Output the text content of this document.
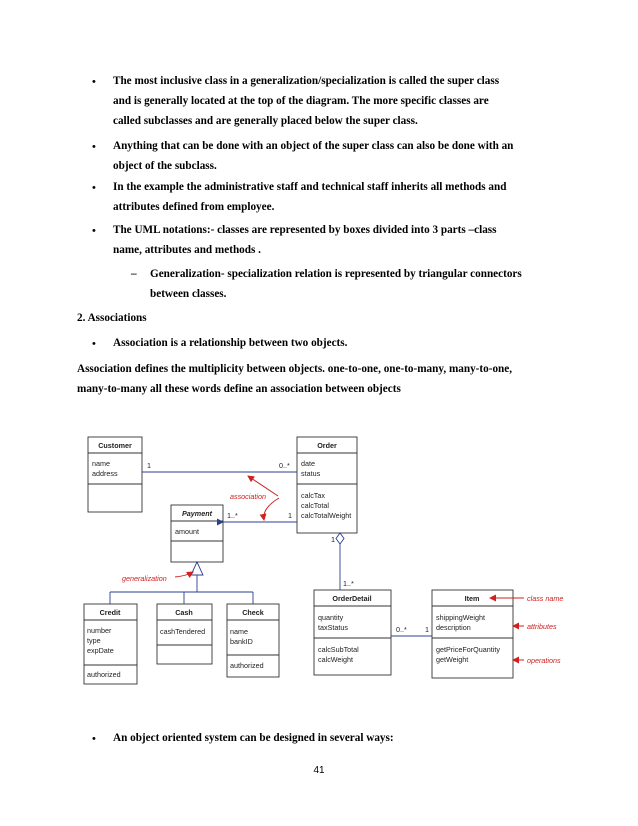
• The most inclusive class in a generalization/specialization is called the super class
and is generally located at the top of the diagram. The more specific classes are
called subclasses and are generally placed below the super class.
• Anything that can be done with an object of the super class can also be done with an
object of the subclass.
• In the example the administrative staff and technical staff inherits all methods and
attributes defined from employee.
• The UML notations:- classes are represented by boxes divided into 3 parts –class
name, attributes and methods .
– Generalization- specialization relation is represented by triangular connectors
between classes.
2. Associations
• Association is a relationship between two objects.
Association defines the multiplicity between objects. one-to-one, one-to-many, many-to-one,
many-to-many all these words define an association between objects
Customer
name
address
Order
date
status
calcTax
calcTotal
calcTotalWeight
Payment
amount
Credit
number
type
expDate
authorized
Cash
cashTendered
Check
name
bankID
authorized
OrderDetail
quantity
taxStatus
calcSubTotal
calcWeight
Item
shippingWeight
description
getPriceForQuantity
getWeight
1	0..*
1..*	1
1
1..*
0..*	1
association
generalization
class name
attributes
operations
• An object oriented system can be designed in several ways:
41
